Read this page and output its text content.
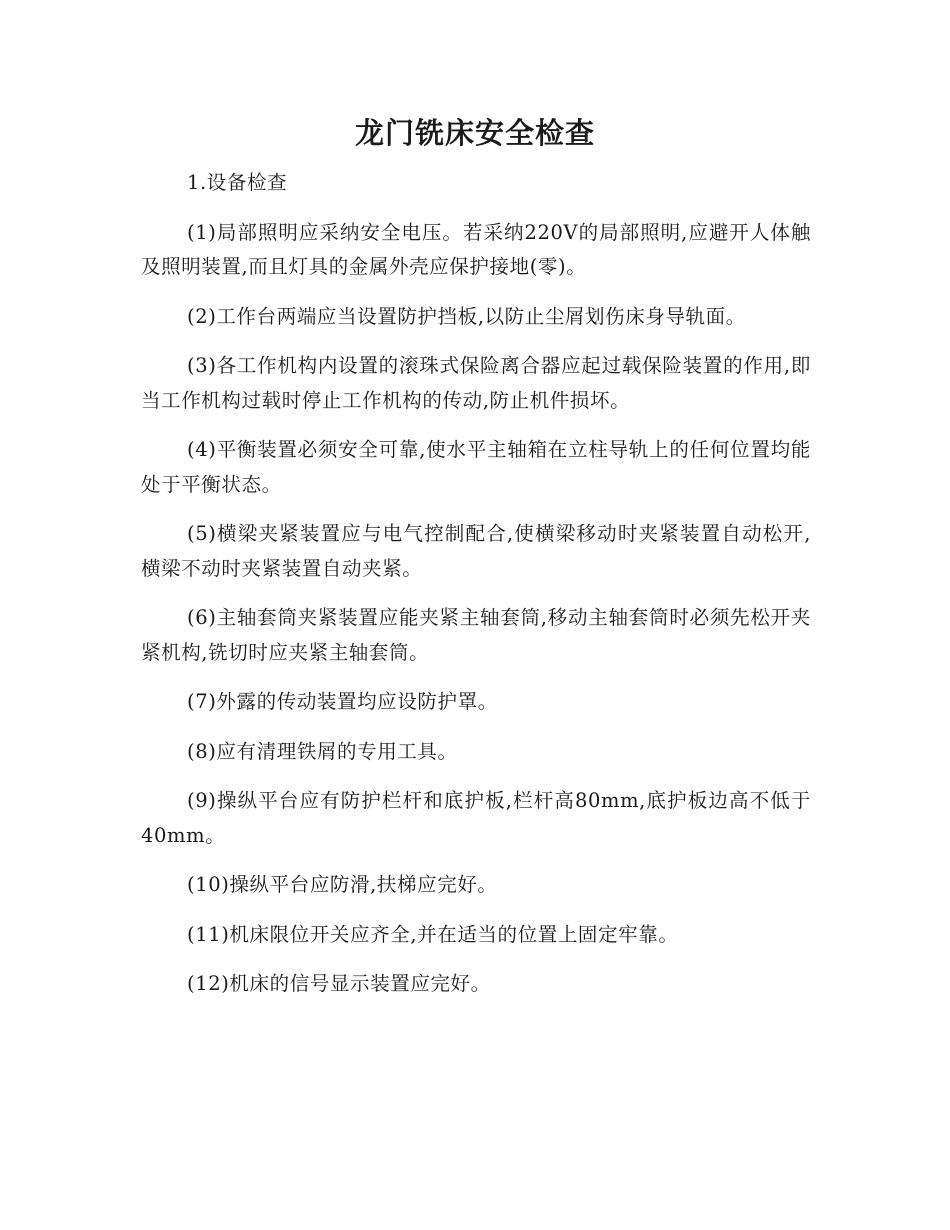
龙门铣床安全检查

1.设备检查

(1)局部照明应采纳安全电压。若采纳220V的局部照明,应避开人体触及照明装置,而且灯具的金属外壳应保护接地(零)。

(2)工作台两端应当设置防护挡板,以防止尘屑划伤床身导轨面。

(3)各工作机构内设置的滚珠式保险离合器应起过载保险装置的作用,即当工作机构过载时停止工作机构的传动,防止机件损坏。

(4)平衡装置必须安全可靠,使水平主轴箱在立柱导轨上的任何位置均能处于平衡状态。

(5)横梁夹紧装置应与电气控制配合,使横梁移动时夹紧装置自动松开,横梁不动时夹紧装置自动夹紧。

(6)主轴套筒夹紧装置应能夹紧主轴套筒,移动主轴套筒时必须先松开夹紧机构,铣切时应夹紧主轴套筒。

(7)外露的传动装置均应设防护罩。

(8)应有清理铁屑的专用工具。

(9)操纵平台应有防护栏杆和底护板,栏杆高80mm,底护板边高不低于40mm。

(10)操纵平台应防滑,扶梯应完好。

(11)机床限位开关应齐全,并在适当的位置上固定牢靠。

(12)机床的信号显示装置应完好。
